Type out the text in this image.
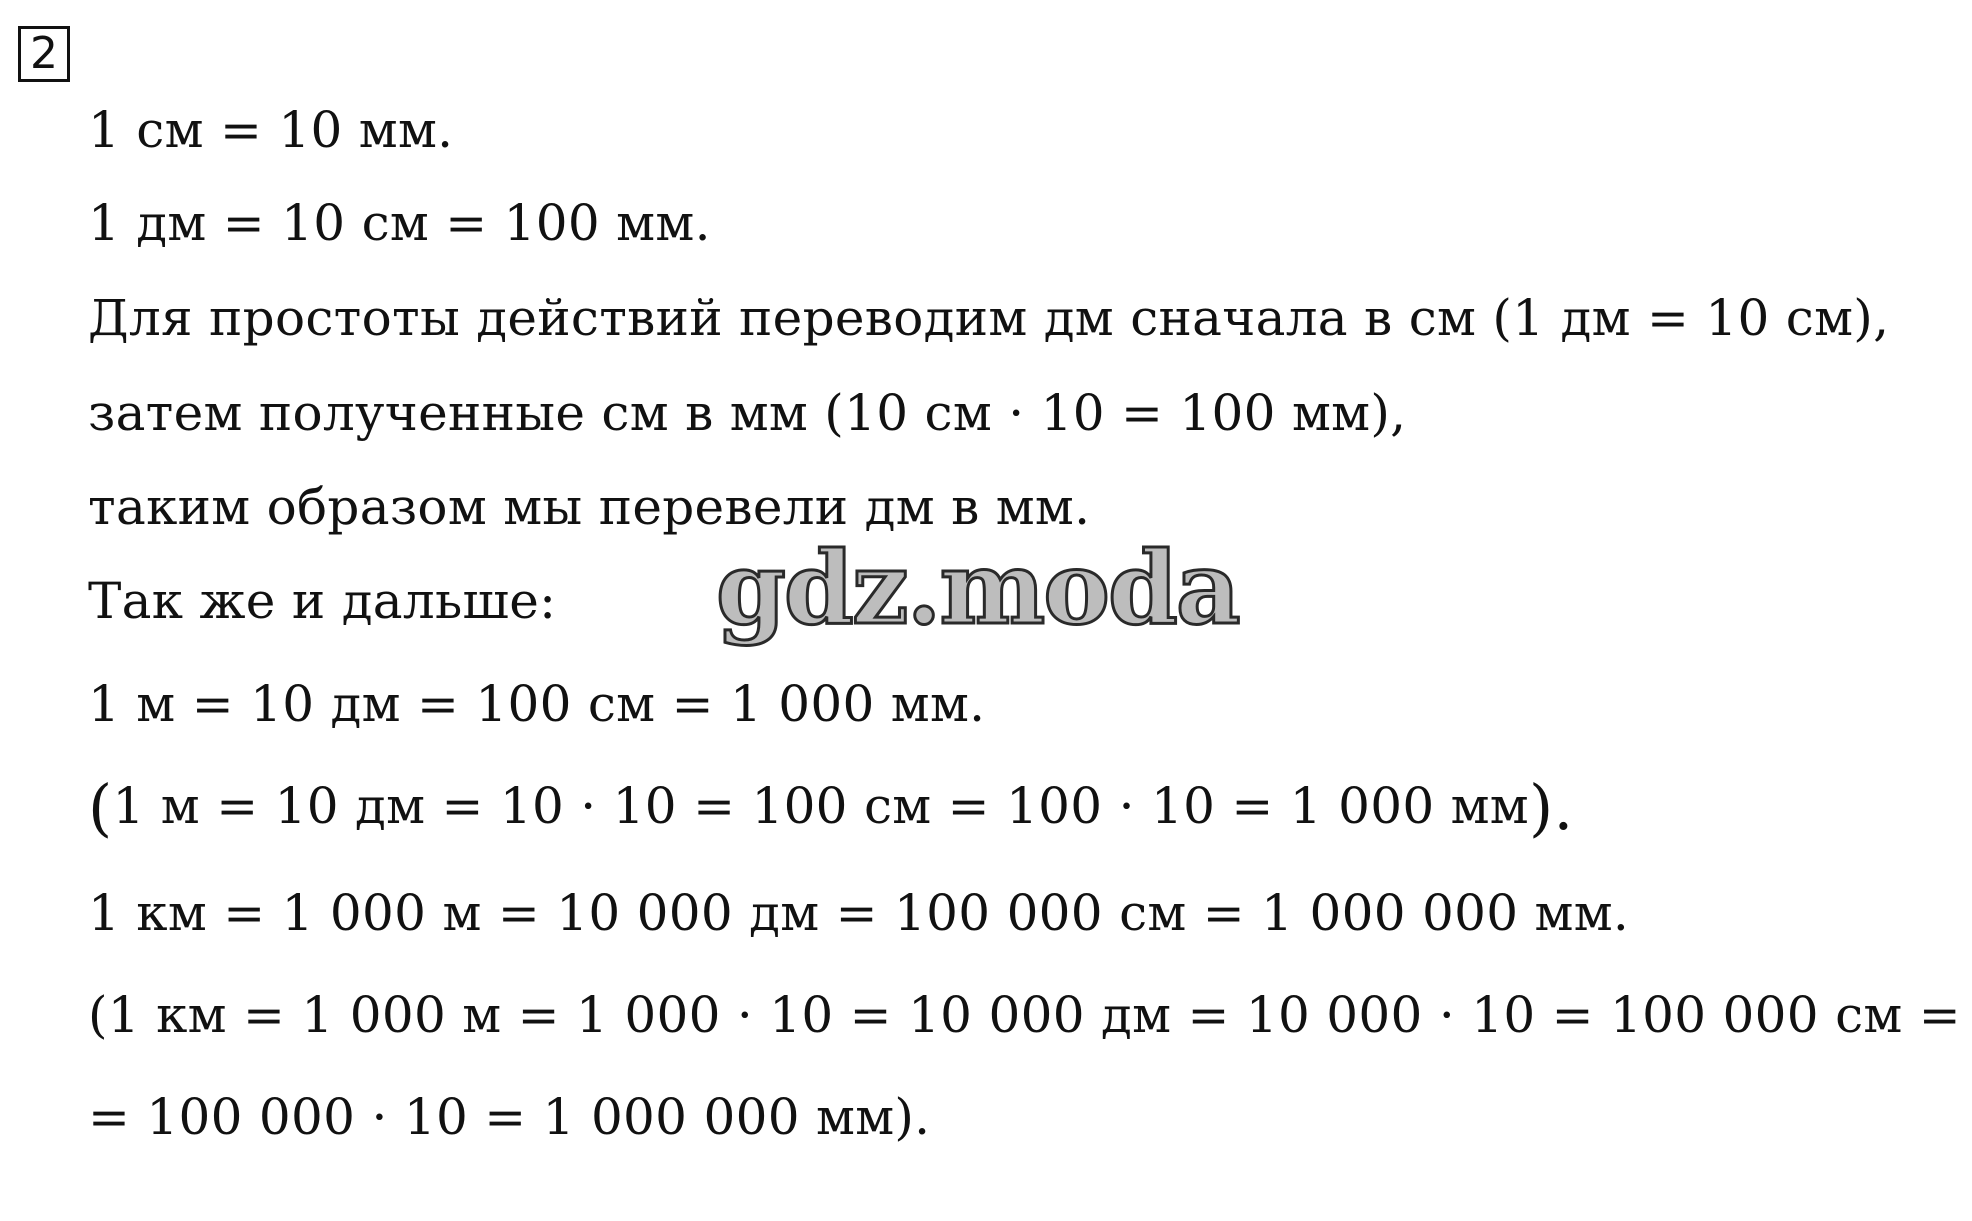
2
1 см = 10 мм.
1 дм = 10 см = 100 мм.
Для простоты действий переводим дм сначала в см (1 дм = 10 см),
затем полученные см в мм (10 см · 10 = 100 мм),
таким образом мы перевели дм в мм.
Так же и дальше:
1 м = 10 дм = 100 см = 1 000 мм.
(1 м = 10 дм = 10 · 10 = 100 см = 100 · 10 = 1 000 мм).
1 км = 1 000 м = 10 000 дм = 100 000 см = 1 000 000 мм.
(1 км = 1 000 м = 1 000 · 10 = 10 000 дм = 10 000 · 10 = 100 000 см =
= 100 000 · 10 = 1 000 000 мм).
gdz.moda
